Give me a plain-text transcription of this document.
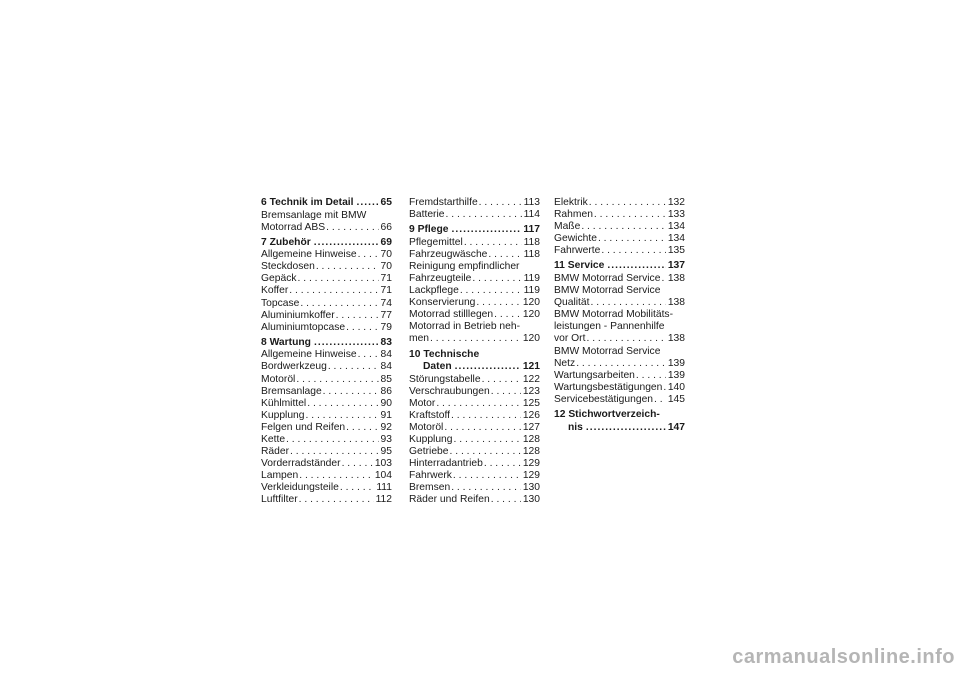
6 Technik im Detail .....	65
Bremsanlage mit BMW
Motorrad ABS . . .	66
7 Zubehör .....	69
Allgemeine Hinweise . . . 70
Steckdosen . . .	70
Gepäck . . .	71
Koffer . . .	71
Topcase . . .	74
Aluminiumkoffer . . .	77
Aluminiumtopcase . . .	79
8 Wartung .....	83
Allgemeine Hinweise . . . 84
Bordwerkzeug . . .	84
Motoröl . . .	85
Bremsanlage . . .	86
Kühlmittel . . .	90
Kupplung . . .	91
Felgen und Reifen . . .	92
Kette . . .	93
Räder . . .	95
Vorderradständer . . .	103
Lampen . . .	104
Verkleidungsteile . . .	111
Luftfilter . . .	112
Fremdstarthilfe . . .	113
Batterie . . .	114
9 Pflege .....	117
Pflegemittel . . .	118
Fahrzeugwäsche . . .	118
Reinigung empfindlicher
Fahrzeugteile . . .	119
Lackpflege . . .	119
Konservierung . . .	120
Motorrad stilllegen . . .	120
Motorrad in Betrieb neh-
men . . .	120
10 Technische
Daten .....	121
Störungstabelle . . .	122
Verschraubungen . . .	123
Motor . . .	125
Kraftstoff . . .	126
Motoröl . . .	127
Kupplung . . .	128
Getriebe . . .	128
Hinterradantrieb . . .	129
Fahrwerk . . .	129
Bremsen . . .	130
Räder und Reifen . . .	130
Elektrik . . .	132
Rahmen . . .	133
Maße . . .	134
Gewichte . . .	134
Fahrwerte . . .	135
11 Service .....	137
BMW Motorrad Service . . . 138
BMW Motorrad Service
Qualität . . .	138
BMW Motorrad Mobilitäts-
leistungen - Pannenhilfe
vor Ort . . .	138
BMW Motorrad Service
Netz . . .	139
Wartungsarbeiten . . .	139
Wartungsbestätigungen . . . 140
Servicebestätigungen . . . 145
12 Stichwortverzeich-
nis .....	147
carmanualsonline.info
